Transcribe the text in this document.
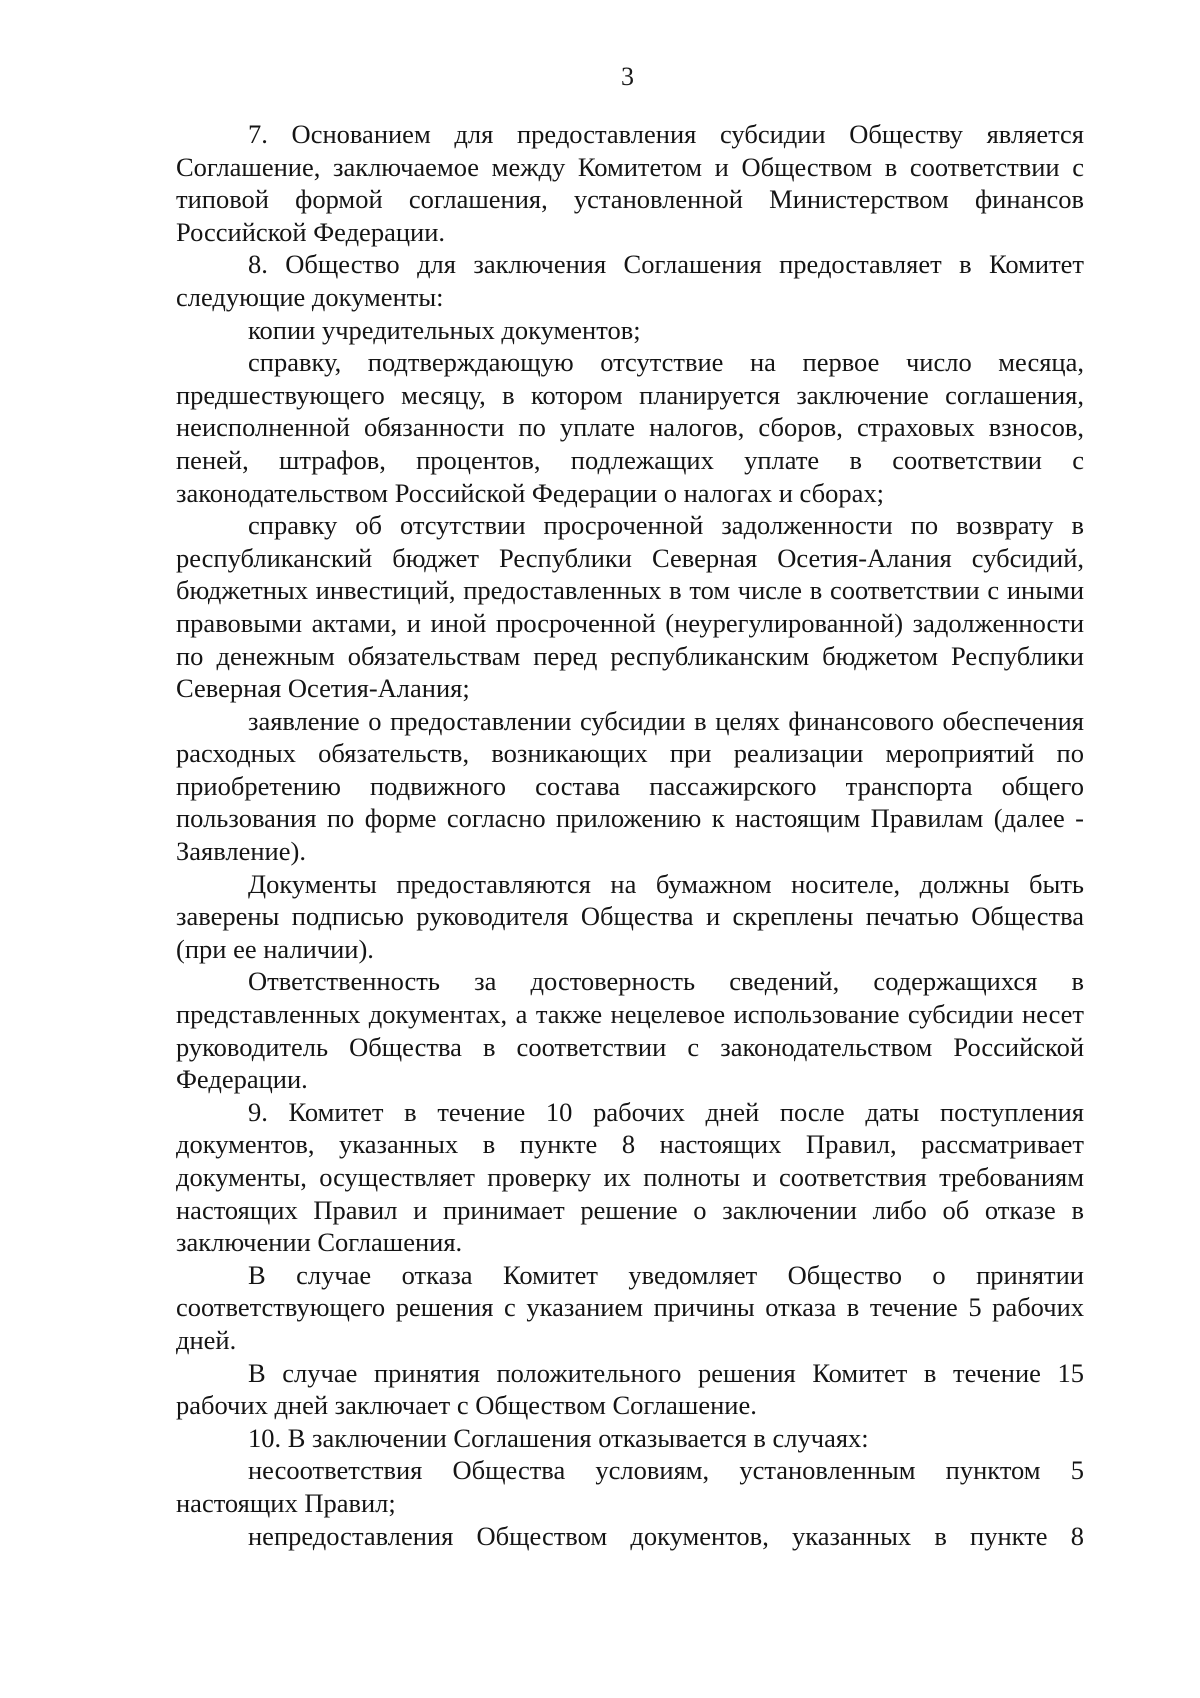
3

7. Основанием для предоставления субсидии Обществу является Соглашение, заключаемое между Комитетом и Обществом в соответствии с типовой формой соглашения, установленной Министерством финансов Российской Федерации.

8. Общество для заключения Соглашения предоставляет в Комитет следующие документы:

копии учредительных документов;

справку, подтверждающую отсутствие на первое число месяца, предшествующего месяцу, в котором планируется заключение соглашения, неисполненной обязанности по уплате налогов, сборов, страховых взносов, пеней, штрафов, процентов, подлежащих уплате в соответствии с законодательством Российской Федерации о налогах и сборах;

справку об отсутствии просроченной задолженности по возврату в республиканский бюджет Республики Северная Осетия-Алания субсидий, бюджетных инвестиций, предоставленных в том числе в соответствии с иными правовыми актами, и иной просроченной (неурегулированной) задолженности по денежным обязательствам перед республиканским бюджетом Республики Северная Осетия-Алания;

заявление о предоставлении субсидии в целях финансового обеспечения расходных обязательств, возникающих при реализации мероприятий по приобретению подвижного состава пассажирского транспорта общего пользования по форме согласно приложению к настоящим Правилам (далее - Заявление).

Документы предоставляются на бумажном носителе, должны быть заверены подписью руководителя Общества и скреплены печатью Общества (при ее наличии).

Ответственность за достоверность сведений, содержащихся в представленных документах, а также нецелевое использование субсидии несет руководитель Общества в соответствии с законодательством Российской Федерации.

9. Комитет в течение 10 рабочих дней после даты поступления документов, указанных в пункте 8 настоящих Правил, рассматривает документы, осуществляет проверку их полноты и соответствия требованиям настоящих Правил и принимает решение о заключении либо об отказе в заключении Соглашения.

В случае отказа Комитет уведомляет Общество о принятии соответствующего решения с указанием причины отказа в течение 5 рабочих дней.

В случае принятия положительного решения Комитет в течение 15 рабочих дней заключает с Обществом Соглашение.

10. В заключении Соглашения отказывается в случаях:

несоответствия Общества условиям, установленным пунктом 5 настоящих Правил;

непредоставления Обществом документов, указанных в пункте 8
